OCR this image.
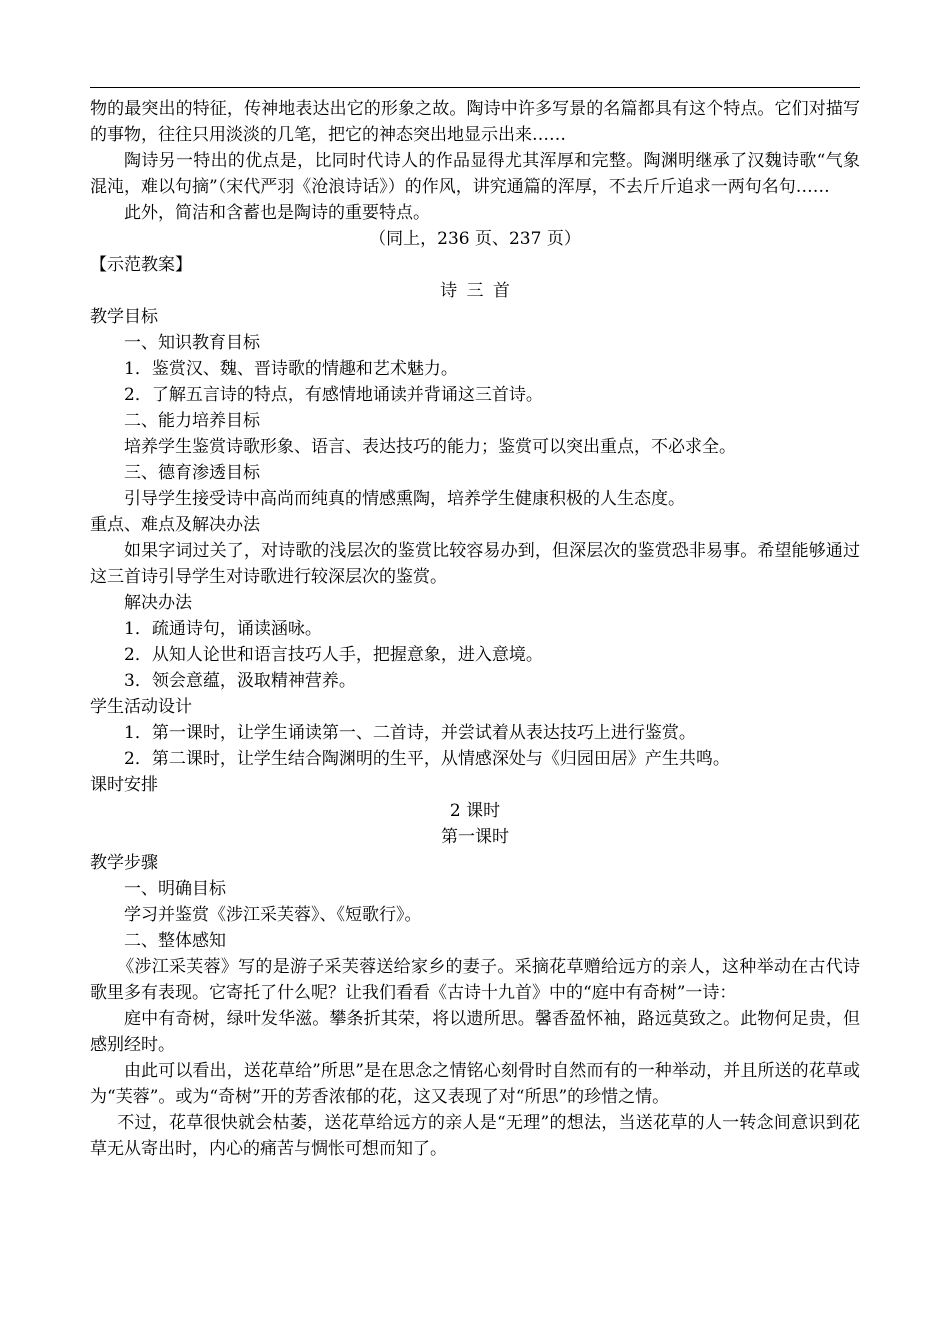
物的最突出的特征，传神地表达出它的形象之故。陶诗中许多写景的名篇都具有这个特点。它们对描写的事物，往往只用淡淡的几笔，把它的神态突出地显示出来……

陶诗另一特出的优点是，比同时代诗人的作品显得尤其浑厚和完整。陶渊明继承了汉魏诗歌“气象混沌，难以句摘”（宋代严羽《沧浪诗话》）的作风，讲究通篇的浑厚，不去斤斤追求一两句名句……

此外，简洁和含蓄也是陶诗的重要特点。

（同上，236 页、237 页）

【示范教案】

诗三首

教学目标

一、知识教育目标

1．鉴赏汉、魏、晋诗歌的情趣和艺术魅力。

2．了解五言诗的特点，有感情地诵读并背诵这三首诗。

二、能力培养目标

培养学生鉴赏诗歌形象、语言、表达技巧的能力；鉴赏可以突出重点，不必求全。

三、德育渗透目标

引导学生接受诗中高尚而纯真的情感熏陶，培养学生健康积极的人生态度。

重点、难点及解决办法

如果字词过关了，对诗歌的浅层次的鉴赏比较容易办到，但深层次的鉴赏恐非易事。希望能够通过这三首诗引导学生对诗歌进行较深层次的鉴赏。

解决办法

1．疏通诗句，诵读涵咏。

2．从知人论世和语言技巧人手，把握意象，进入意境。

3．领会意蕴，汲取精神营养。

学生活动设计

1．第一课时，让学生诵读第一、二首诗，并尝试着从表达技巧上进行鉴赏。

2．第二课时，让学生结合陶渊明的生平，从情感深处与《归园田居》产生共鸣。

课时安排

2 课时

第一课时

教学步骤

一、明确目标

学习并鉴赏《涉江采芙蓉》、《短歌行》。

二、整体感知

《涉江采芙蓉》写的是游子采芙蓉送给家乡的妻子。采摘花草赠给远方的亲人，这种举动在古代诗歌里多有表现。它寄托了什么呢？让我们看看《古诗十九首》中的“庭中有奇树”一诗：

庭中有奇树，绿叶发华滋。攀条折其荣，将以遗所思。馨香盈怀袖，路远莫致之。此物何足贵，但感别经时。

由此可以看出，送花草给”所思”是在思念之情铭心刻骨时自然而有的一种举动，并且所送的花草或为“芙蓉”。或为“奇树”开的芳香浓郁的花，这又表现了对“所思”的珍惜之情。

不过，花草很快就会枯萎，送花草给远方的亲人是“无理”的想法，当送花草的人一转念间意识到花草无从寄出时，内心的痛苦与惆怅可想而知了。
